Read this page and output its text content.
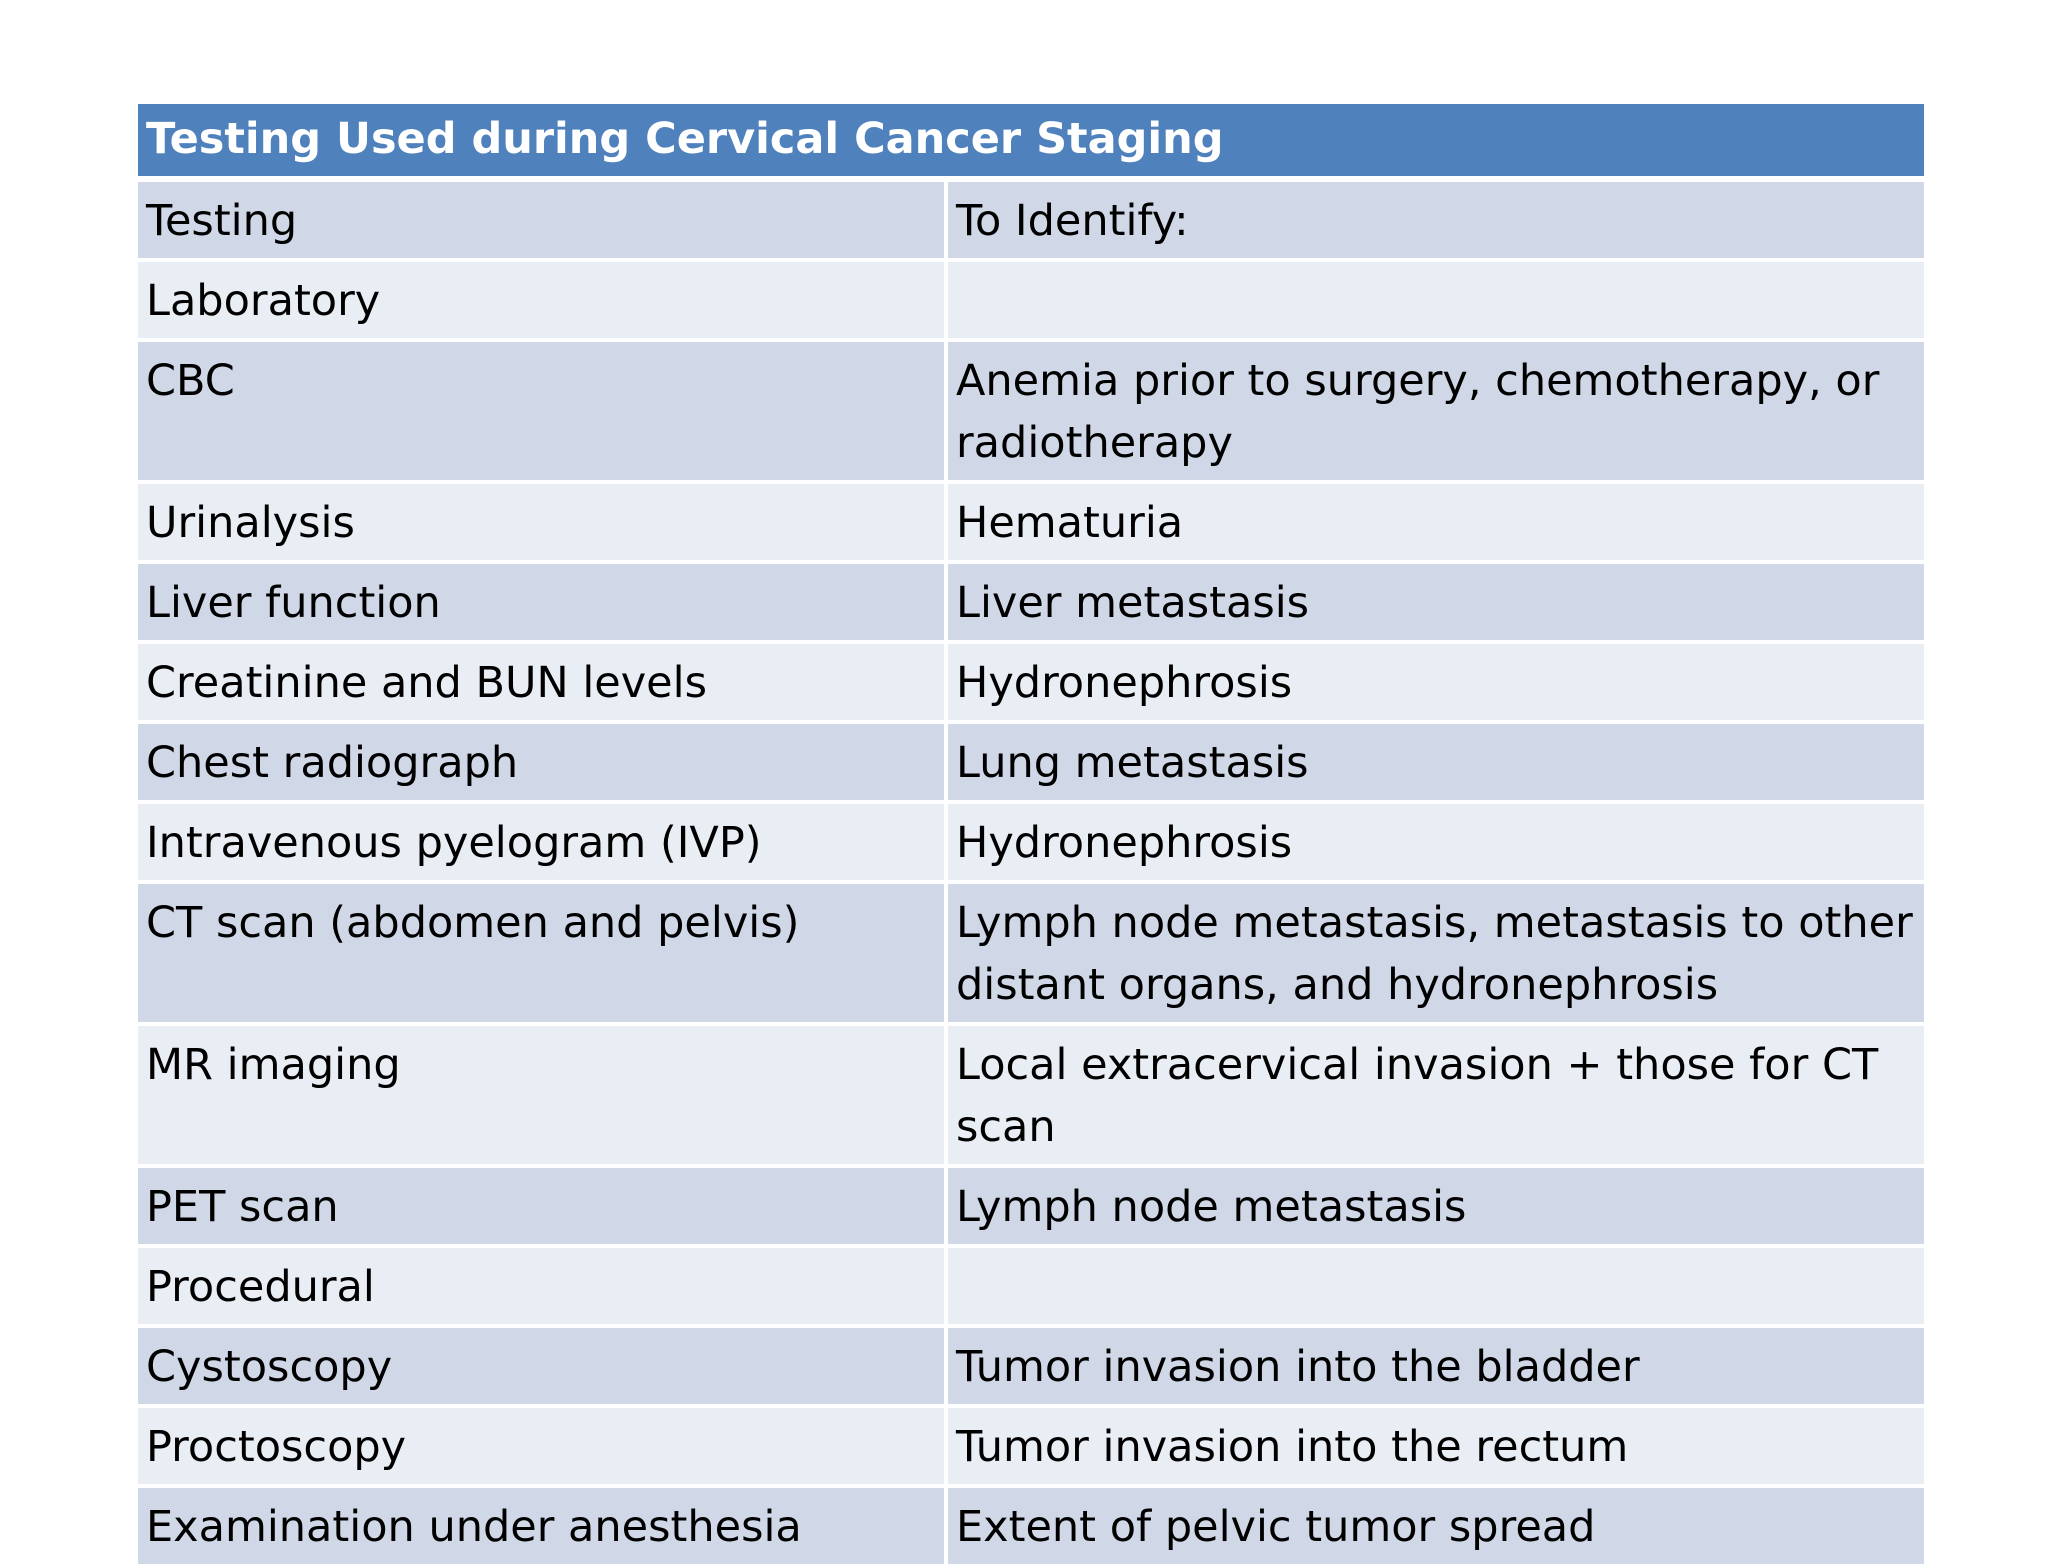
Testing Used during Cervical Cancer Staging	
Testing	To Identify:
Laboratory	
CBC	Anemia prior to surgery, chemotherapy, or radiotherapy
Urinalysis	Hematuria
Liver function	Liver metastasis
Creatinine and BUN levels	Hydronephrosis
Chest radiograph	Lung metastasis
Intravenous pyelogram (IVP)	Hydronephrosis
CT scan (abdomen and pelvis)	Lymph node metastasis, metastasis to other distant organs, and hydronephrosis
MR imaging	Local extracervical invasion + those for CT scan
PET scan	Lymph node metastasis
Procedural	
Cystoscopy	Tumor invasion into the bladder
Proctoscopy	Tumor invasion into the rectum
Examination under anesthesia	Extent of pelvic tumor spread
